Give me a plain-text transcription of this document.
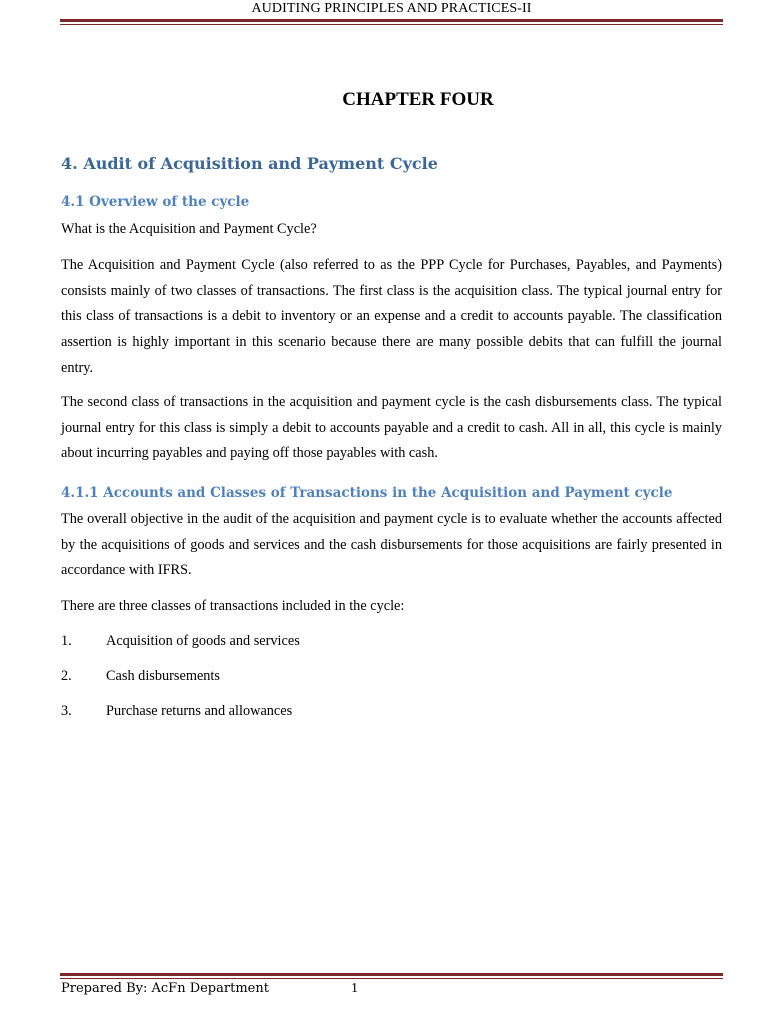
AUDITING PRINCIPLES AND PRACTICES-II
CHAPTER FOUR
4. Audit of Acquisition and Payment Cycle
4.1 Overview of the cycle
What is the Acquisition and Payment Cycle?
The Acquisition and Payment Cycle (also referred to as the PPP Cycle for Purchases, Payables, and Payments) consists mainly of two classes of transactions. The first class is the acquisition class. The typical journal entry for this class of transactions is a debit to inventory or an expense and a credit to accounts payable. The classification assertion is highly important in this scenario because there are many possible debits that can fulfill the journal entry.
The second class of transactions in the acquisition and payment cycle is the cash disbursements class. The typical journal entry for this class is simply a debit to accounts payable and a credit to cash. All in all, this cycle is mainly about incurring payables and paying off those payables with cash.
4.1.1 Accounts and Classes of Transactions in the Acquisition and Payment cycle
The overall objective in the audit of the acquisition and payment cycle is to evaluate whether the accounts affected by the acquisitions of goods and services and the cash disbursements for those acquisitions are fairly presented in accordance with IFRS.
There are three classes of transactions included in the cycle:
1. Acquisition of goods and services
2. Cash disbursements
3. Purchase returns and allowances
Prepared By: AcFn Department	1
